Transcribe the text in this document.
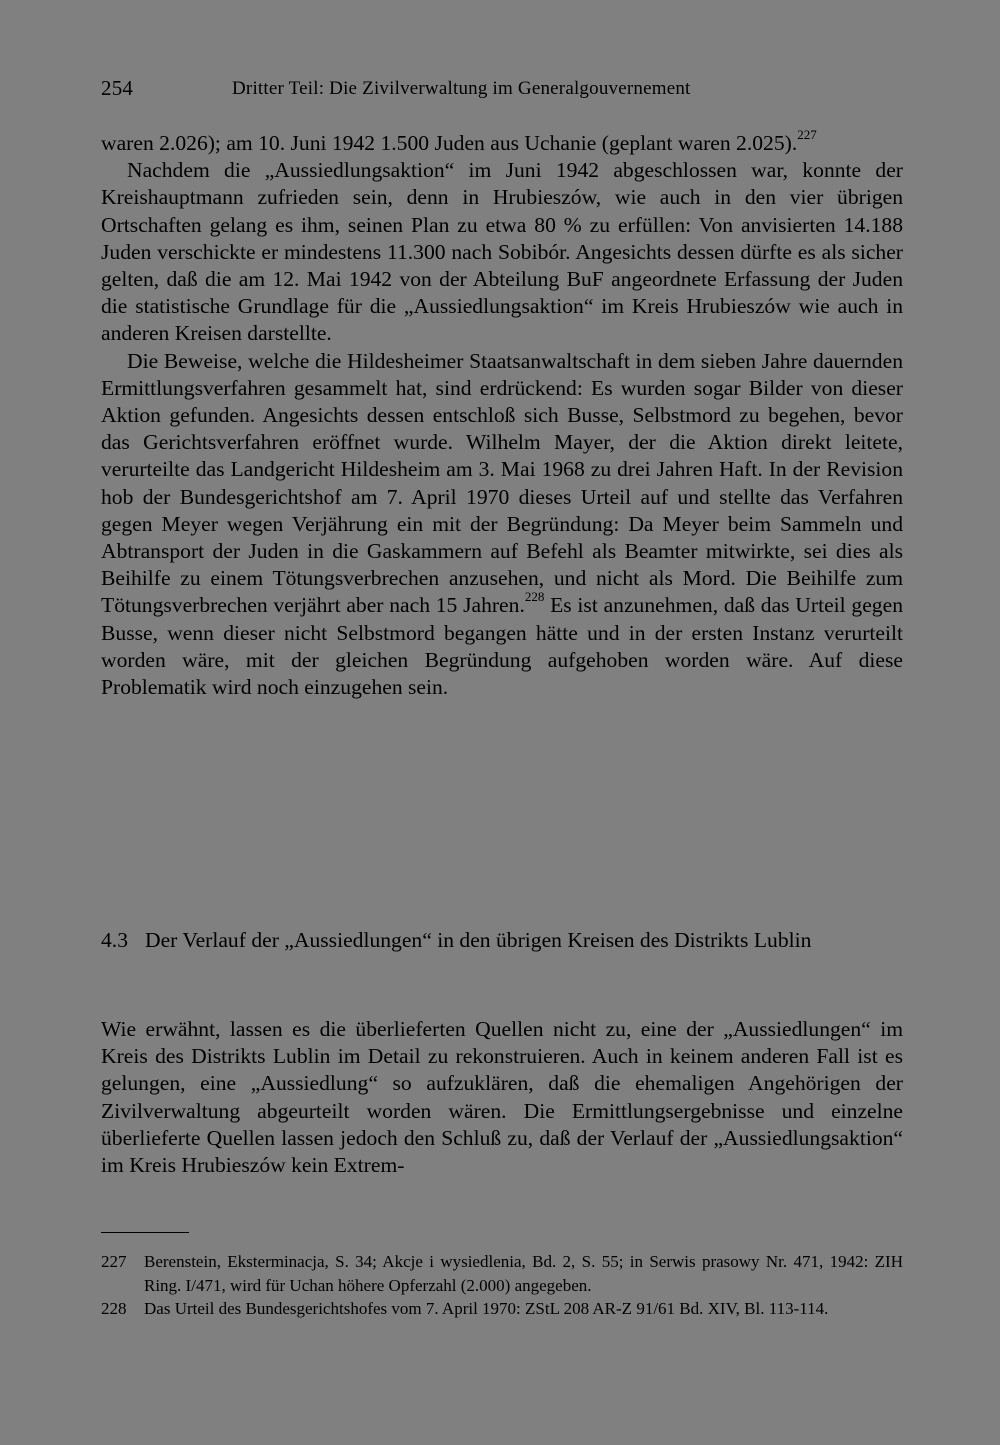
254	Dritter Teil: Die Zivilverwaltung im Generalgouvernement

waren 2.026); am 10. Juni 1942 1.500 Juden aus Uchanie (geplant waren 2.025).$^{227}$

Nachdem die „Aussiedlungsaktion“ im Juni 1942 abgeschlossen war, konnte der Kreishauptmann zufrieden sein, denn in Hrubieszów, wie auch in den vier übrigen Ortschaften gelang es ihm, seinen Plan zu etwa 80 % zu erfüllen: Von anvisierten 14.188 Juden verschickte er mindestens 11.300 nach Sobibór. Angesichts dessen dürfte es als sicher gelten, daß die am 12. Mai 1942 von der Abteilung BuF angeordnete Erfassung der Juden die statistische Grundlage für die „Aussiedlungsaktion“ im Kreis Hrubieszów wie auch in anderen Kreisen darstellte.

Die Beweise, welche die Hildesheimer Staatsanwaltschaft in dem sieben Jahre dauernden Ermittlungsverfahren gesammelt hat, sind erdrückend: Es wurden sogar Bilder von dieser Aktion gefunden. Angesichts dessen entschloß sich Busse, Selbstmord zu begehen, bevor das Gerichtsverfahren eröffnet wurde. Wilhelm Mayer, der die Aktion direkt leitete, verurteilte das Landgericht Hildesheim am 3. Mai 1968 zu drei Jahren Haft. In der Revision hob der Bundesgerichtshof am 7. April 1970 dieses Urteil auf und stellte das Verfahren gegen Meyer wegen Verjährung ein mit der Begründung: Da Meyer beim Sammeln und Abtransport der Juden in die Gaskammern auf Befehl als Beamter mitwirkte, sei dies als Beihilfe zu einem Tötungsverbrechen anzusehen, und nicht als Mord. Die Beihilfe zum Tötungsverbrechen verjährt aber nach 15 Jahren.$^{228}$ Es ist anzunehmen, daß das Urteil gegen Busse, wenn dieser nicht Selbstmord begangen hätte und in der ersten Instanz verurteilt worden wäre, mit der gleichen Begründung aufgehoben worden wäre. Auf diese Problematik wird noch einzugehen sein.

4.3 Der Verlauf der „Aussiedlungen“ in den übrigen Kreisen des Distrikts Lublin

Wie erwähnt, lassen es die überlieferten Quellen nicht zu, eine der „Aussiedlungen“ im Kreis des Distrikts Lublin im Detail zu rekonstruieren. Auch in keinem anderen Fall ist es gelungen, eine „Aussiedlung“ so aufzuklären, daß die ehemaligen Angehörigen der Zivilverwaltung abgeurteilt worden wären. Die Ermittlungsergebnisse und einzelne überlieferte Quellen lassen jedoch den Schluß zu, daß der Verlauf der „Aussiedlungsaktion“ im Kreis Hrubieszów kein Extrem-

227 Berenstein, Eksterminacja, S. 34; Akcje i wysiedlenia, Bd. 2, S. 55; in Serwis prasowy Nr. 471, 1942: ZIH Ring. I/471, wird für Uchan höhere Opferzahl (2.000) angegeben.
228 Das Urteil des Bundesgerichtshofes vom 7. April 1970: ZStL 208 AR-Z 91/61 Bd. XIV, Bl. 113-114.
